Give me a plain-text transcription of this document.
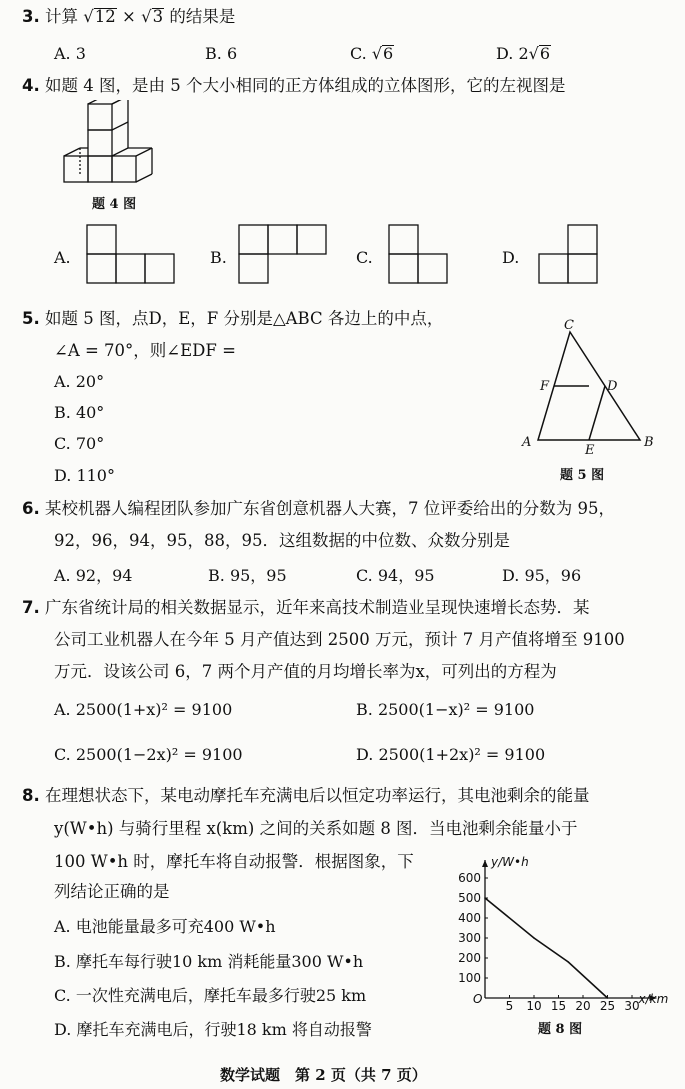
3. 计算 √12 × √3 的结果是
A. 3	B. 6	C. √6	D. 2√6
4. 如题 4 图，是由 5 个大小相同的正方体组成的立体图形，它的左视图是
题 4 图
A.	B.	C.	D.
5. 如题 5 图，点D，E，F 分别是△ABC 各边上的中点，
∠A = 70°，则∠EDF =
A. 20°
B. 40°
C. 70°
D. 110°
C
F	D
A
E
B
题 5 图
6. 某校机器人编程团队参加广东省创意机器人大赛，7 位评委给出的分数为 95，
92，96，94，95，88，95．这组数据的中位数、众数分别是
A. 92，94	B. 95，95	C. 94，95	D. 95，96
7. 广东省统计局的相关数据显示，近年来高技术制造业呈现快速增长态势．某
公司工业机器人在今年 5 月产值达到 2500 万元，预计 7 月产值将增至 9100
万元．设该公司 6，7 两个月产值的月均增长率为x，可列出的方程为
A. 2500(1+x)² = 9100	B. 2500(1−x)² = 9100
C. 2500(1−2x)² = 9100	D. 2500(1+2x)² = 9100
8. 在理想状态下，某电动摩托车充满电后以恒定功率运行，其电池剩余的能量
y(W•h) 与骑行里程 x(km) 之间的关系如题 8 图．当电池剩余能量小于
100 W•h 时，摩托车将自动报警．根据图象，下
列结论正确的是
A. 电池能量最多可充400 W•h
B. 摩托车每行驶10 km 消耗能量300 W•h
C. 一次性充满电后，摩托车最多行驶25 km
D. 摩托车充满电后，行驶18 km 将自动报警
y/W•h
x/km
O 5 10 15 20 25 30
100
200
300
400
500
600
题 8 图
数学试题　第 2 页（共 7 页）
